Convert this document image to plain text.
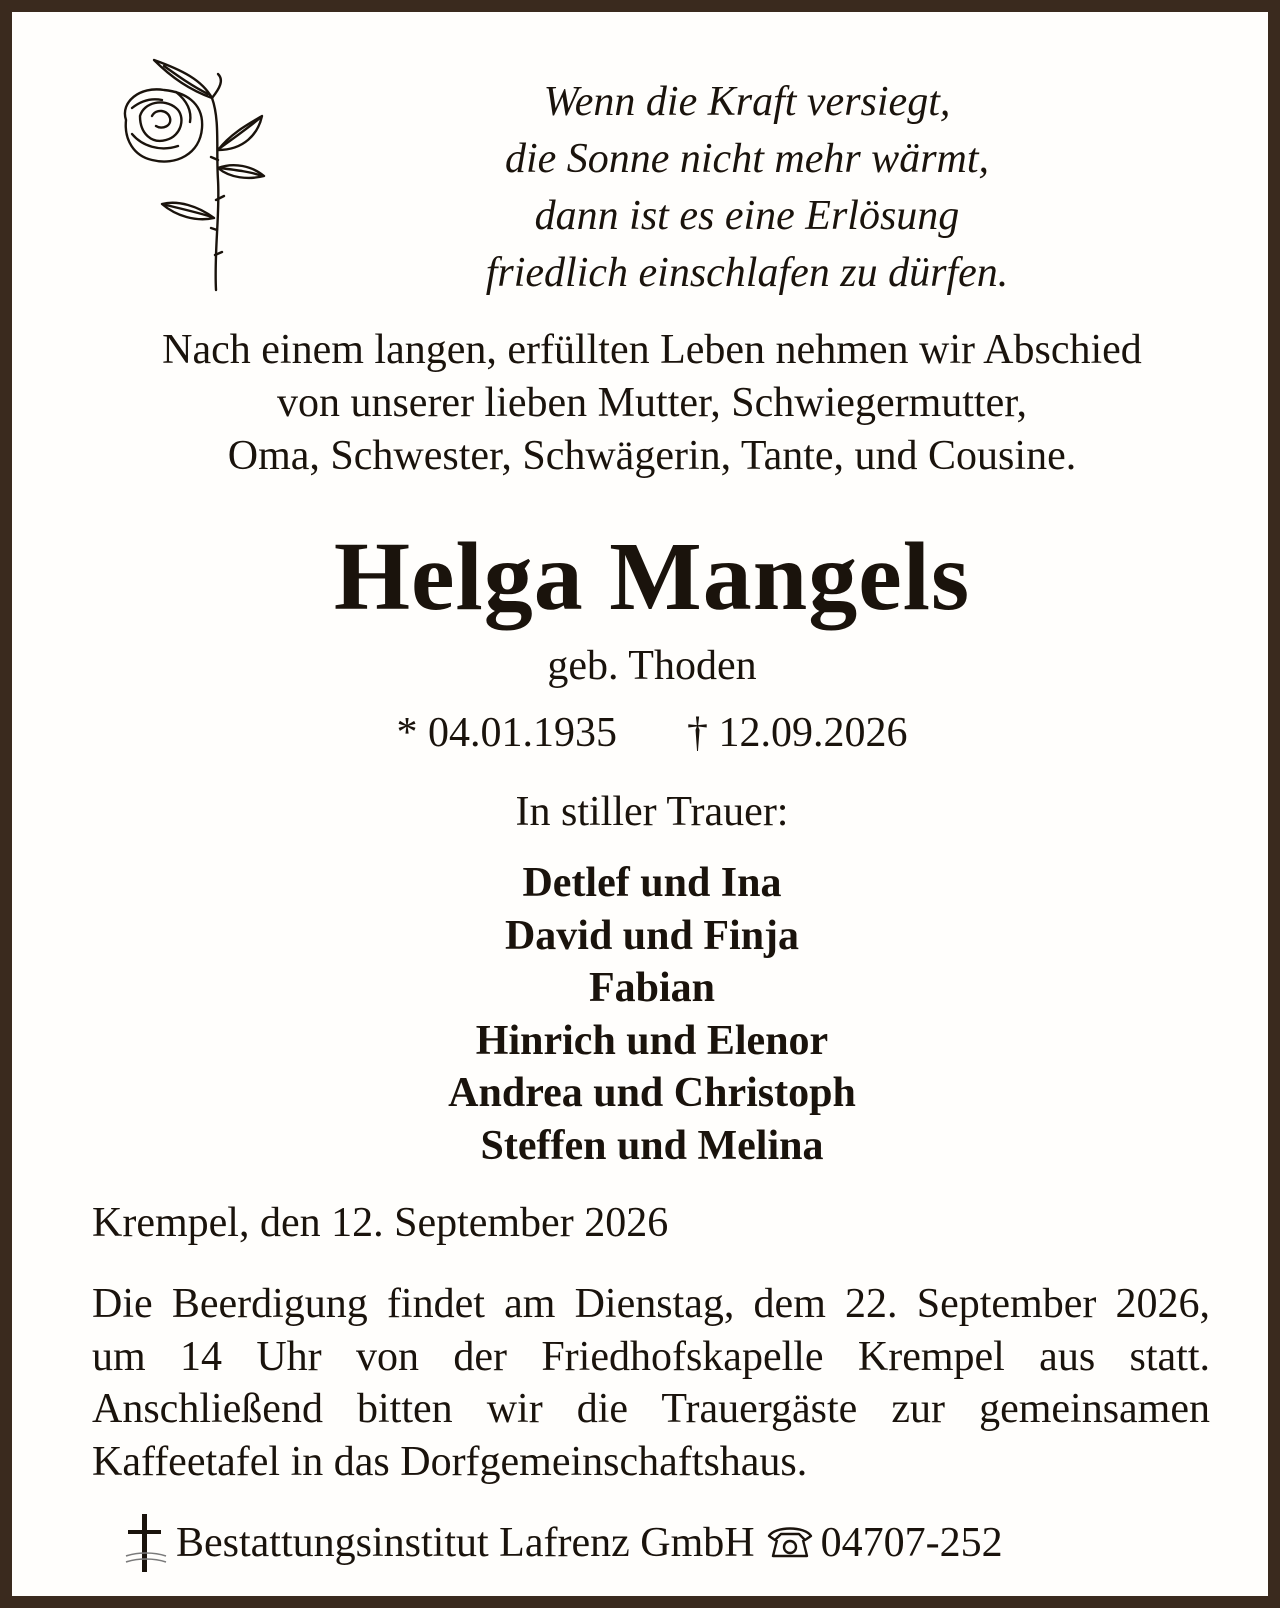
Wenn die Kraft versiegt,
die Sonne nicht mehr wärmt,
dann ist es eine Erlösung
friedlich einschlafen zu dürfen.
Nach einem langen, erfüllten Leben nehmen wir Abschied
von unserer lieben Mutter, Schwiegermutter,
Oma, Schwester, Schwägerin, Tante, und Cousine.
Helga Mangels
geb. Thoden
* 04.01.1935 † 12.09.2026
In stiller Trauer:
Detlef und Ina
David und Finja
Fabian
Hinrich und Elenor
Andrea und Christoph
Steffen und Melina
Krempel, den 12. September 2026
Die Beerdigung findet am Dienstag, dem 22. September 2026,
um 14 Uhr von der Friedhofskapelle Krempel aus statt.
Anschließend bitten wir die Trauergäste zur gemeinsamen
Kaffeetafel in das Dorfgemeinschaftshaus.
Bestattungsinstitut Lafrenz GmbH 04707-252
